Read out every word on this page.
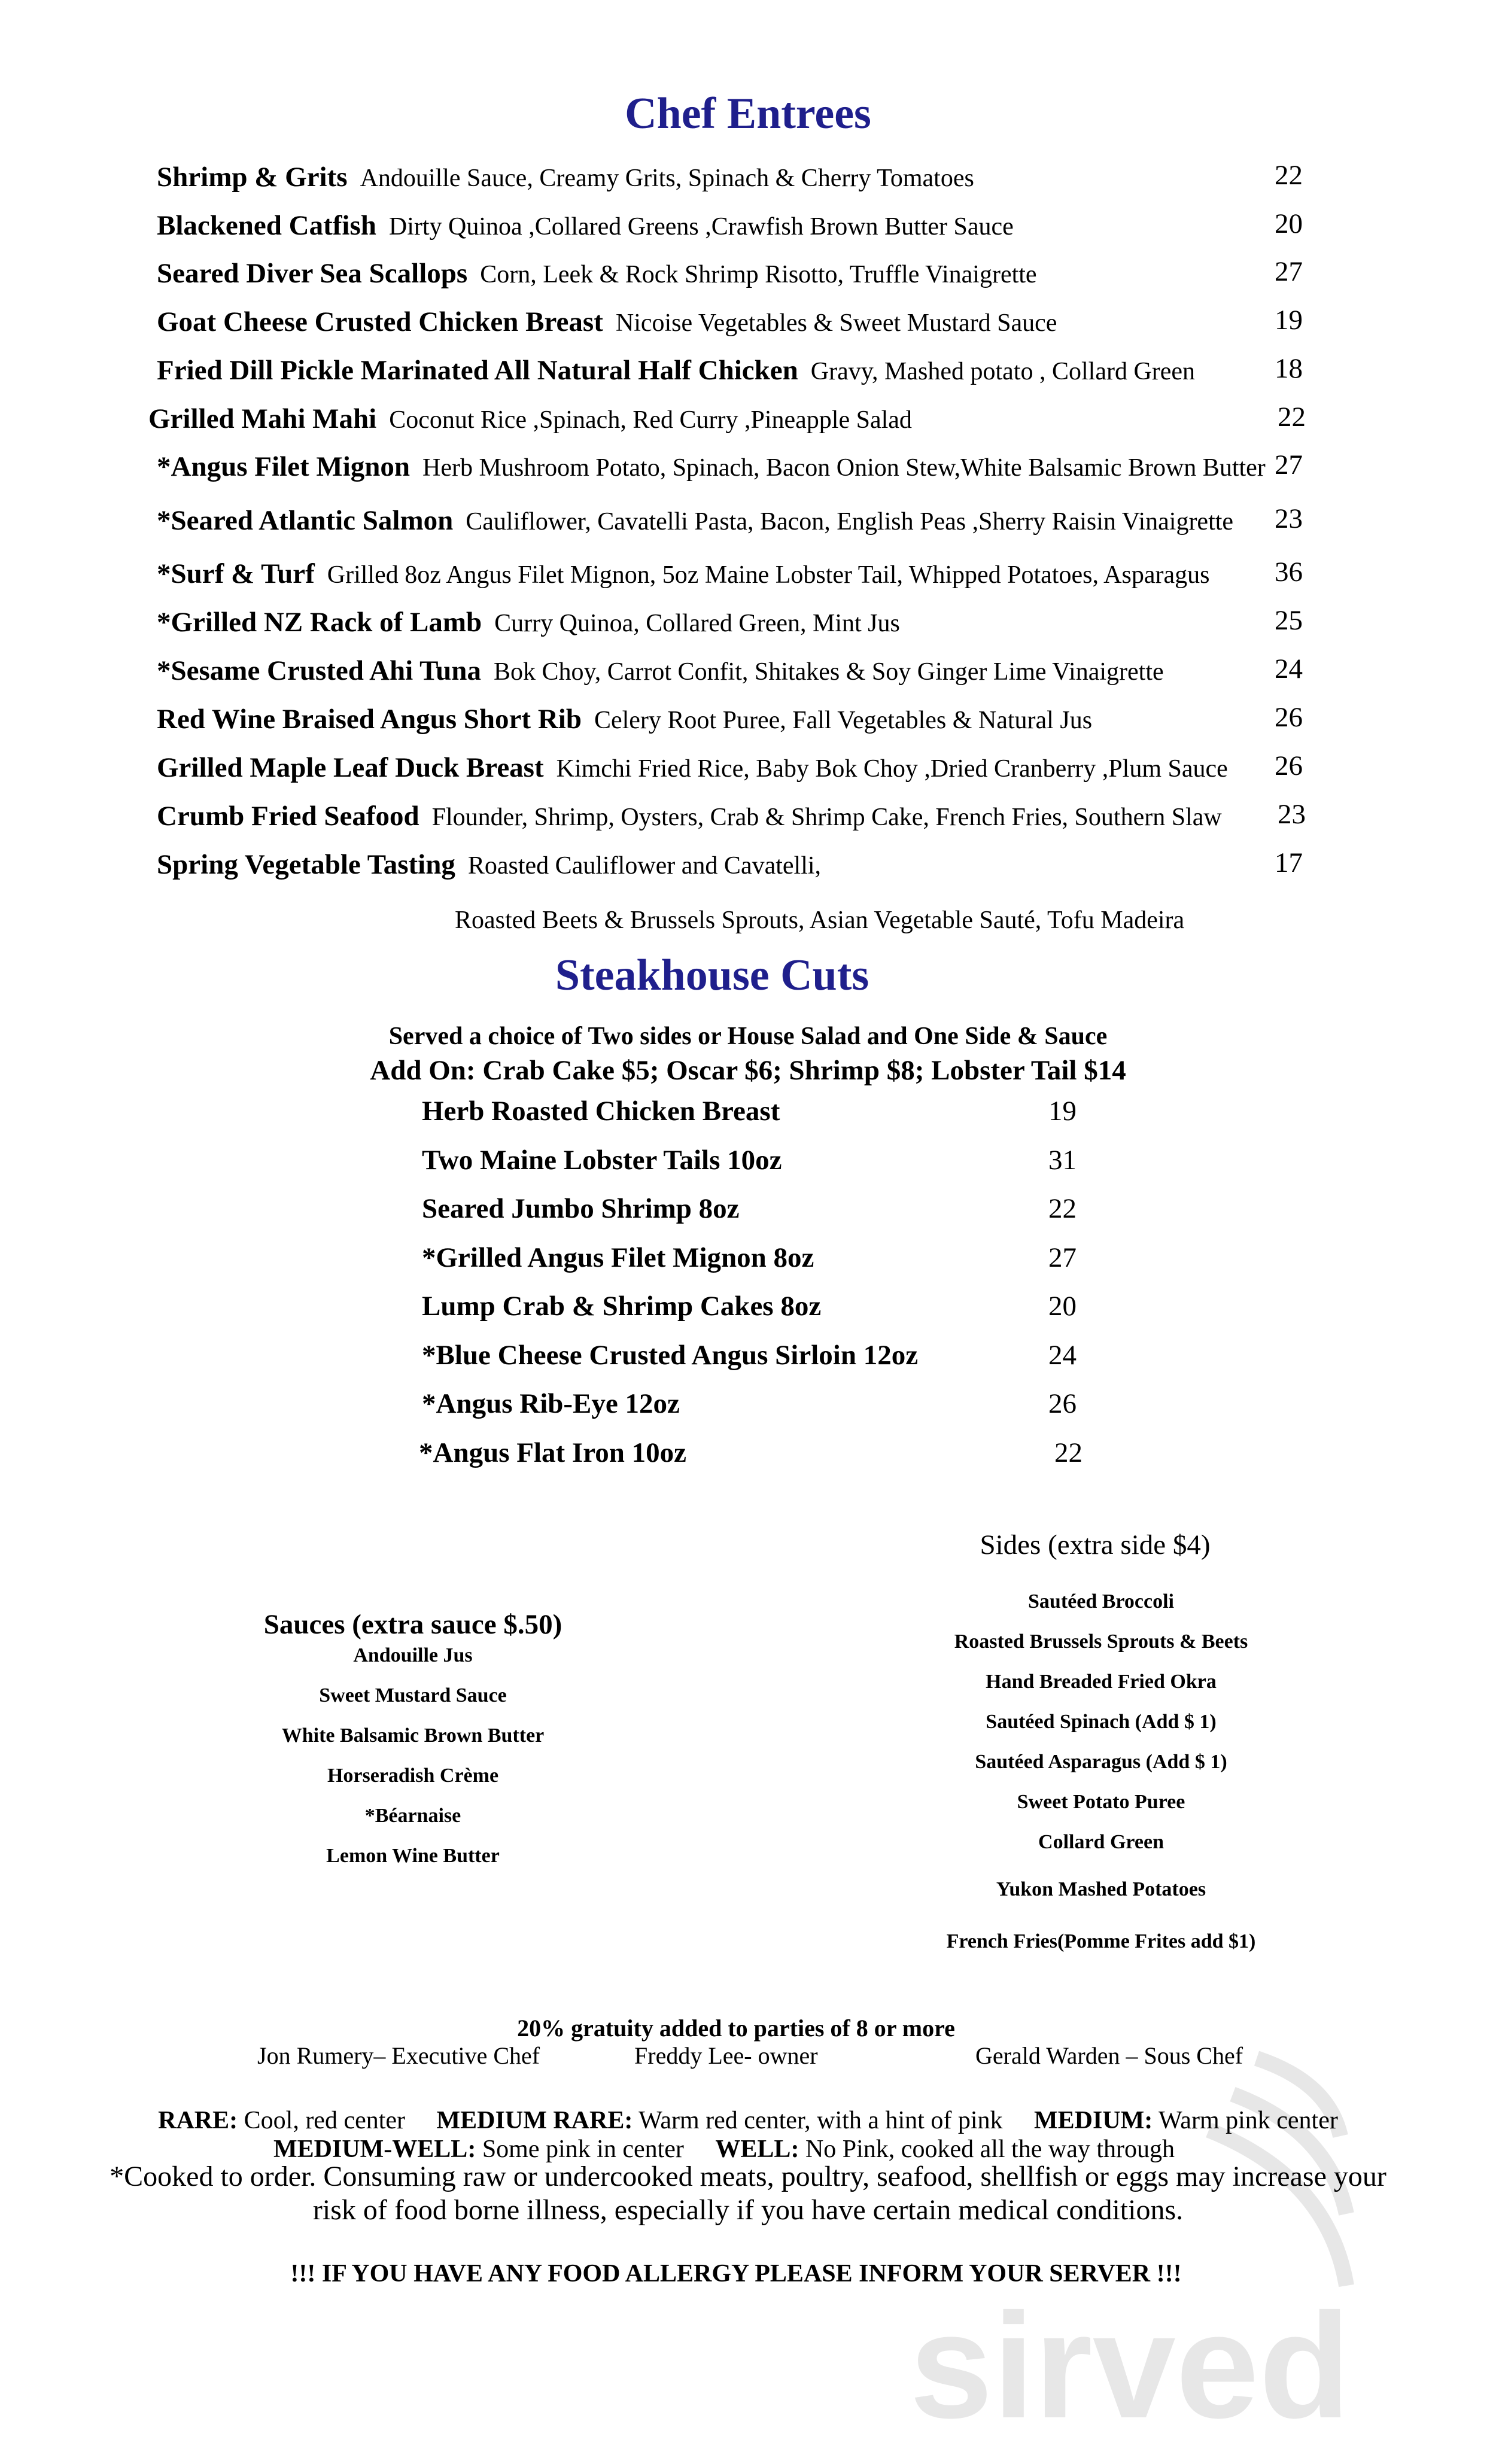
sirved
Chef Entrees
Shrimp & Grits Andouille Sauce, Creamy Grits, Spinach & Cherry Tomatoes	22
Blackened Catfish Dirty Quinoa ,Collared Greens ,Crawfish Brown Butter Sauce	20
Seared Diver Sea Scallops Corn, Leek & Rock Shrimp Risotto, Truffle Vinaigrette	27
Goat Cheese Crusted Chicken Breast Nicoise Vegetables & Sweet Mustard Sauce	19
Fried Dill Pickle Marinated All Natural Half Chicken Gravy, Mashed potato , Collard Green	18
Grilled Mahi Mahi Coconut Rice ,Spinach, Red Curry ,Pineapple Salad	22
*Angus Filet Mignon Herb Mushroom Potato, Spinach, Bacon Onion Stew,White Balsamic Brown Butter 27
*Seared Atlantic Salmon Cauliflower, Cavatelli Pasta, Bacon, English Peas ,Sherry Raisin Vinaigrette 23
*Surf & Turf Grilled 8oz Angus Filet Mignon, 5oz Maine Lobster Tail, Whipped Potatoes, Asparagus 36
*Grilled NZ Rack of Lamb Curry Quinoa, Collared Green, Mint Jus	25
*Sesame Crusted Ahi Tuna Bok Choy, Carrot Confit, Shitakes & Soy Ginger Lime Vinaigrette	24
Red Wine Braised Angus Short Rib Celery Root Puree, Fall Vegetables & Natural Jus	26
Grilled Maple Leaf Duck Breast Kimchi Fried Rice, Baby Bok Choy ,Dried Cranberry ,Plum Sauce 26
Crumb Fried Seafood Flounder, Shrimp, Oysters, Crab & Shrimp Cake, French Fries, Southern Slaw 23
Spring Vegetable Tasting Roasted Cauliflower and Cavatelli,	17
Roasted Beets & Brussels Sprouts, Asian Vegetable Sauté, Tofu Madeira
Steakhouse Cuts
Served a choice of Two sides or House Salad and One Side & Sauce
Add On: Crab Cake $5; Oscar $6; Shrimp $8; Lobster Tail $14
Herb Roasted Chicken Breast	19
Two Maine Lobster Tails 10oz	31
Seared Jumbo Shrimp 8oz	22
*Grilled Angus Filet Mignon 8oz	27
Lump Crab & Shrimp Cakes 8oz	20
*Blue Cheese Crusted Angus Sirloin 12oz	24
*Angus Rib-Eye 12oz	26
*Angus Flat Iron 10oz	22
Sides (extra side $4)
Sautéed Broccoli
Roasted Brussels Sprouts & Beets
Hand Breaded Fried Okra
Sautéed Spinach (Add $ 1)
Sautéed Asparagus (Add $ 1)
Sweet Potato Puree
Collard Green
Yukon Mashed Potatoes
French Fries(Pomme Frites add $1)
Sauces (extra sauce $.50)
Andouille Jus
Sweet Mustard Sauce
White Balsamic Brown Butter
Horseradish Crème
*Béarnaise
Lemon Wine Butter
20% gratuity added to parties of 8 or more
Jon Rumery– Executive Chef	Freddy Lee- owner	Gerald Warden – Sous Chef
RARE: Cool, red center MEDIUM RARE: Warm red center, with a hint of pink MEDIUM: Warm pink center
MEDIUM-WELL: Some pink in center WELL: No Pink, cooked all the way through
*Cooked to order. Consuming raw or undercooked meats, poultry, seafood, shellfish or eggs may increase your
risk of food borne illness, especially if you have certain medical conditions.
!!! IF YOU HAVE ANY FOOD ALLERGY PLEASE INFORM YOUR SERVER !!!
